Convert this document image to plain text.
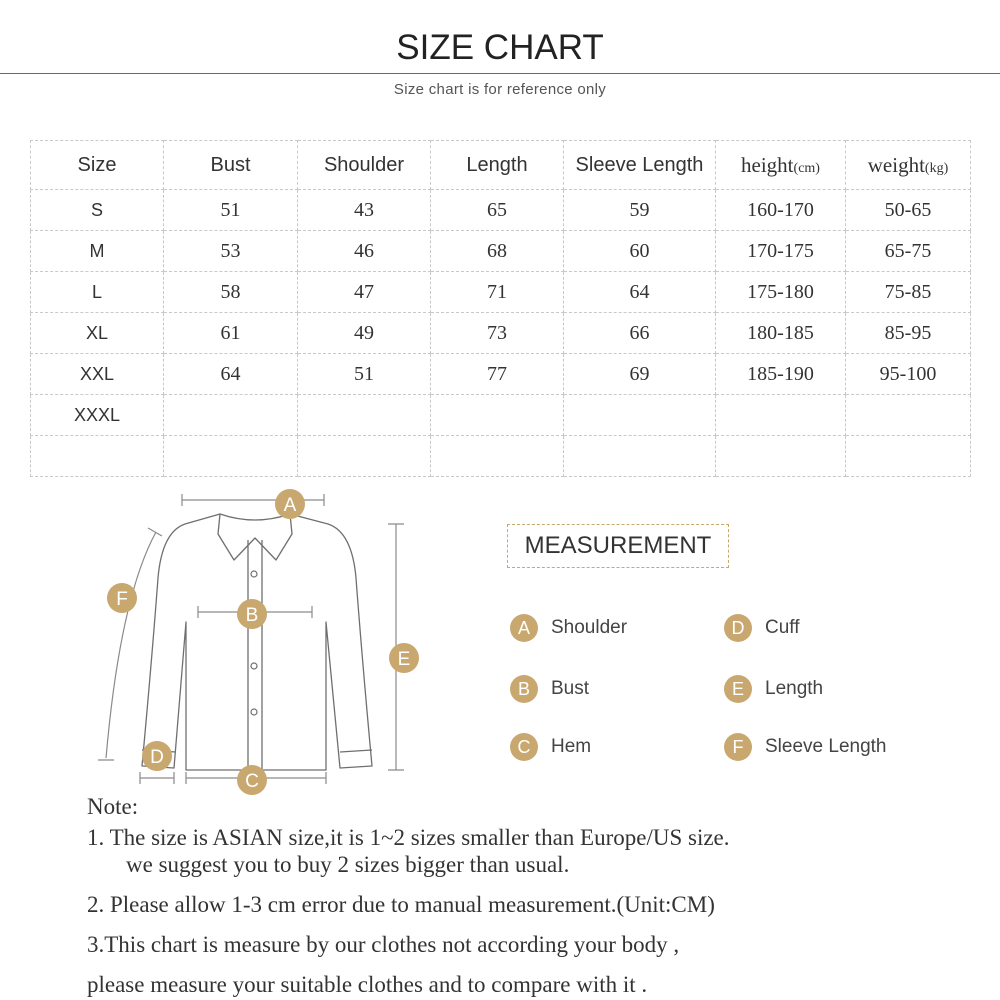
SIZE CHART
Size chart is for reference only
Size	Bust	Shoulder	Length	Sleeve Length	height(cm)	weight(kg)
S	51	43	65	59	160-170	50-65
M	53	46	68	60	170-175	65-75
L	58	47	71	64	175-180	75-85
XL	61	49	73	66	180-185	85-95
XXL	64	51	77	69	185-190	95-100
XXXL						

A
B
C
D
E
F
MEASUREMENT
A	Shoulder
B	Bust
C	Hem
D	Cuff
E	Length
F	Sleeve Length
Note:
1. The size is ASIAN size,it is 1~2 sizes smaller than Europe/US size.
we suggest you to buy 2 sizes bigger than usual.
2. Please allow 1-3 cm error due to manual measurement.(Unit:CM)
3.This chart is measure by our clothes not according your body ,
please measure your suitable clothes and to compare with it .
